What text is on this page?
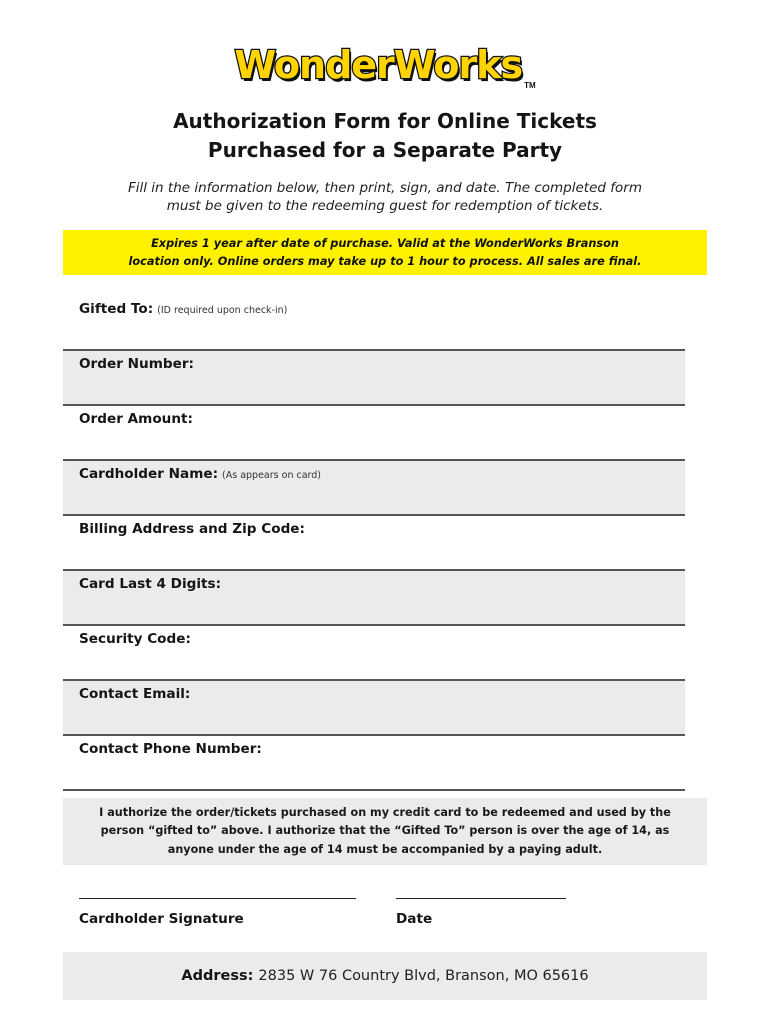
WonderWorks TM
Authorization Form for Online Tickets
Purchased for a Separate Party
Fill in the information below, then print, sign, and date. The completed form
must be given to the redeeming guest for redemption of tickets.
Expires 1 year after date of purchase. Valid at the WonderWorks Branson
location only. Online orders may take up to 1 hour to process. All sales are final.
Gifted To: (ID required upon check-in)
Order Number:
Order Amount:
Cardholder Name: (As appears on card)
Billing Address and Zip Code:
Card Last 4 Digits:
Security Code:
Contact Email:
Contact Phone Number:
I authorize the order/tickets purchased on my credit card to be redeemed and used by the
person “gifted to” above. I authorize that the “Gifted To” person is over the age of 14, as
anyone under the age of 14 must be accompanied by a paying adult.
Cardholder Signature	Date
Address: 2835 W 76 Country Blvd, Branson, MO 65616
